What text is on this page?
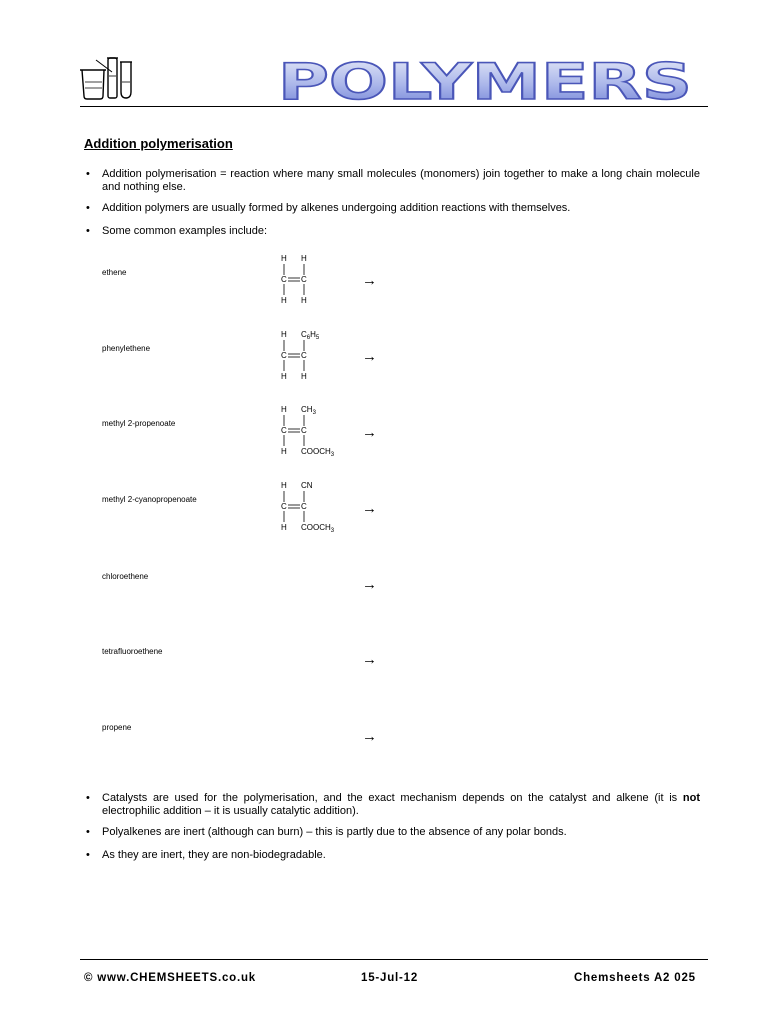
POLYMERS
Addition polymerisation
• Addition polymerisation = reaction where many small molecules (monomers) join together to make a long chain molecule and nothing else.
• Addition polymers are usually formed by alkenes undergoing addition reactions with themselves.
• Some common examples include:
ethene
phenylethene
methyl 2-propenoate
methyl 2-cyanopropenoate
chloroethene
tetrafluoroethene
propene
H H
C C
H H
H $C_6H_5$
C C
H H
H $CH_3$
C C
H $COOCH_3$
H CN
C C
H $COOCH_3$
→
→
→
→
→
→
→
• Catalysts are used for the polymerisation, and the exact mechanism depends on the catalyst and alkene (it is not electrophilic addition – it is usually catalytic addition).
• Polyalkenes are inert (although can burn) – this is partly due to the absence of any polar bonds.
• As they are inert, they are non-biodegradable.
© www.CHEMSHEETS.co.uk	15-Jul-12	Chemsheets A2 025
